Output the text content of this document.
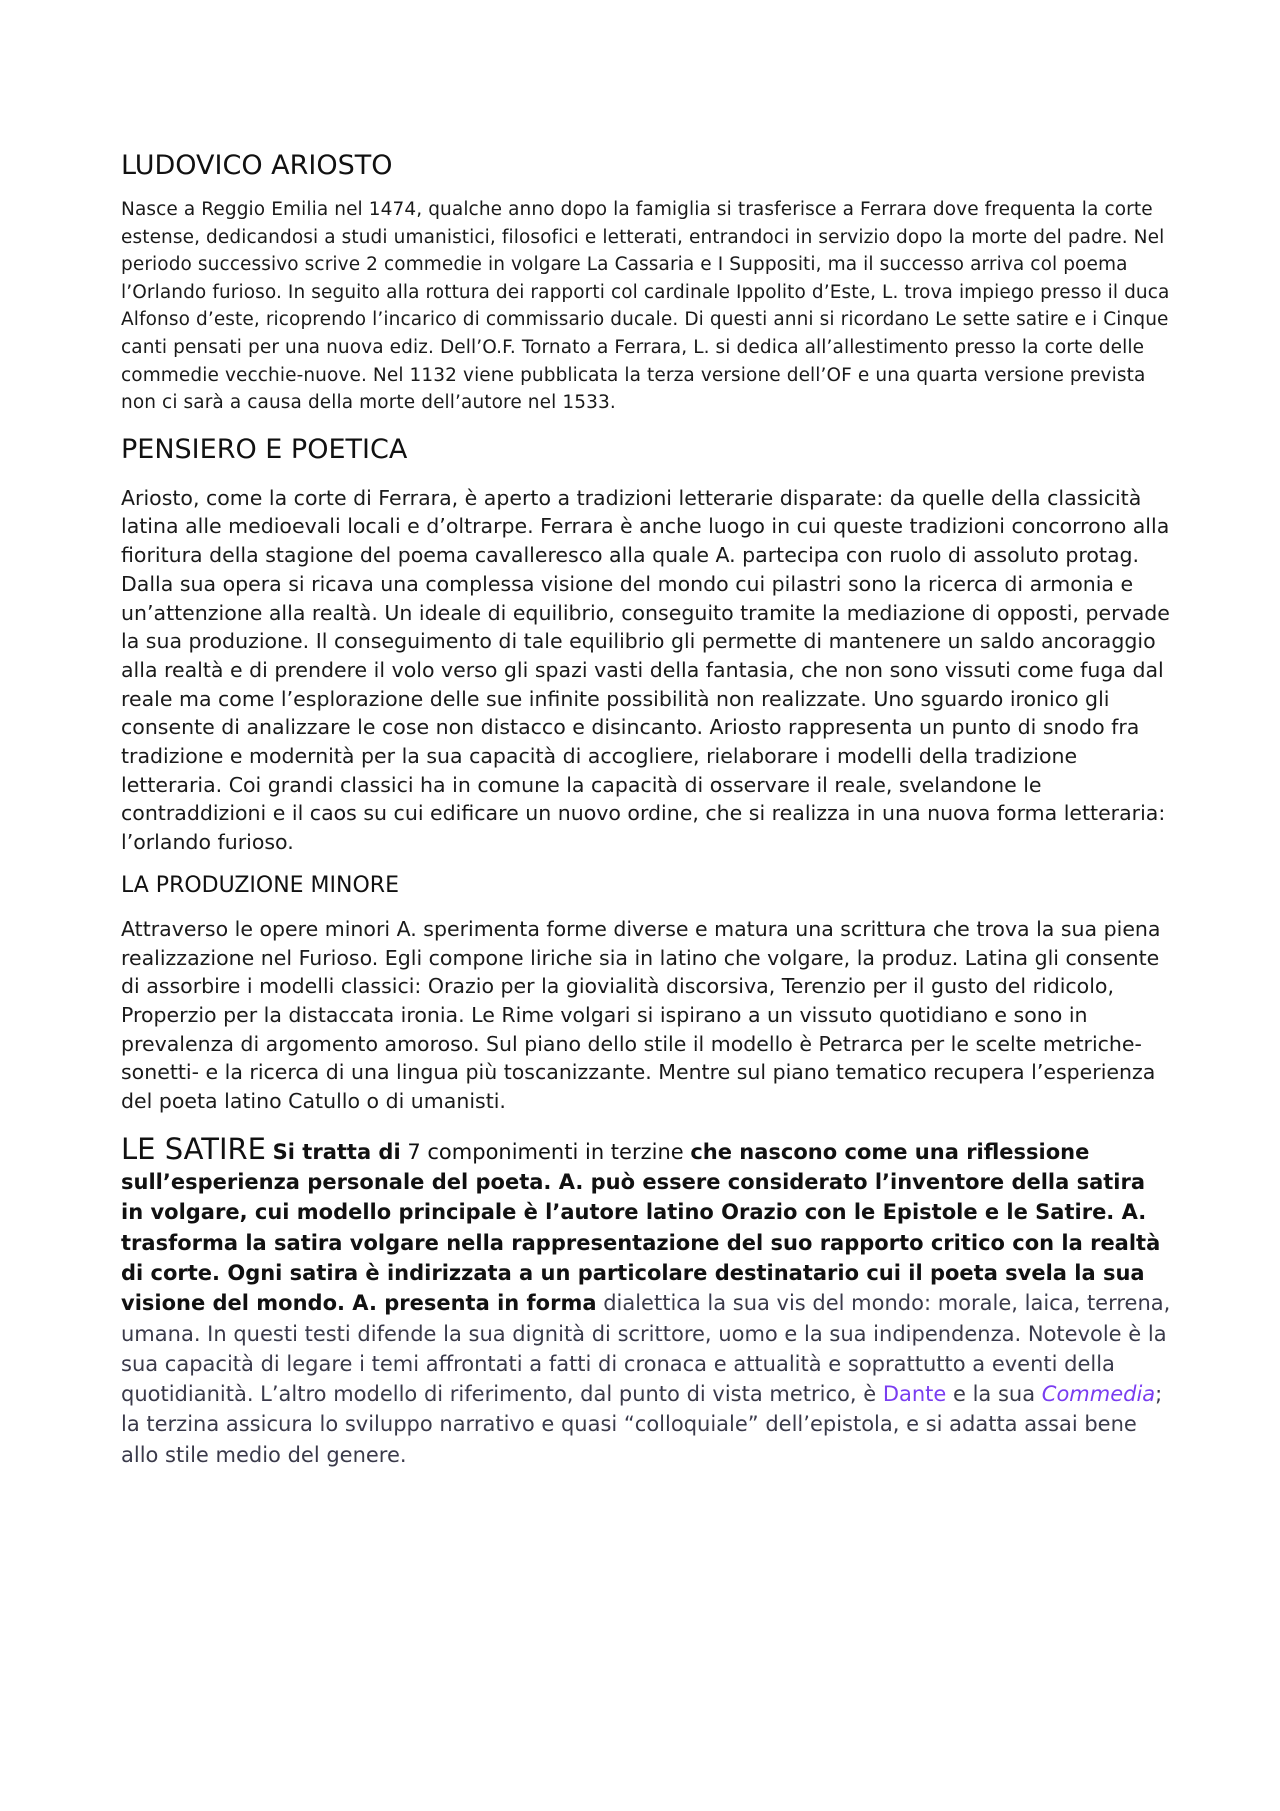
LUDOVICO ARIOSTO

Nasce a Reggio Emilia nel 1474, qualche anno dopo la famiglia si trasferisce a Ferrara dove frequenta la corte estense, dedicandosi a studi umanistici, filosofici e letterati, entrandoci in servizio dopo la morte del padre. Nel periodo successivo scrive 2 commedie in volgare La Cassaria e I Suppositi, ma il successo arriva col poema l’Orlando furioso. In seguito alla rottura dei rapporti col cardinale Ippolito d’Este, L. trova impiego presso il duca Alfonso d’este, ricoprendo l’incarico di commissario ducale. Di questi anni si ricordano Le sette satire e i Cinque canti pensati per una nuova ediz. Dell’O.F. Tornato a Ferrara, L. si dedica all’allestimento presso la corte delle commedie vecchie-nuove. Nel 1132 viene pubblicata la terza versione dell’OF e una quarta versione prevista non ci sarà a causa della morte dell’autore nel 1533.

PENSIERO E POETICA

Ariosto, come la corte di Ferrara, è aperto a tradizioni letterarie disparate: da quelle della classicità latina alle medioevali locali e d’oltrarpe. Ferrara è anche luogo in cui queste tradizioni concorrono alla fioritura della stagione del poema cavalleresco alla quale A. partecipa con ruolo di assoluto protag. Dalla sua opera si ricava una complessa visione del mondo cui pilastri sono la ricerca di armonia e un’attenzione alla realtà. Un ideale di equilibrio, conseguito tramite la mediazione di opposti, pervade la sua produzione. Il conseguimento di tale equilibrio gli permette di mantenere un saldo ancoraggio alla realtà e di prendere il volo verso gli spazi vasti della fantasia, che non sono vissuti come fuga dal reale ma come l’esplorazione delle sue infinite possibilità non realizzate. Uno sguardo ironico gli consente di analizzare le cose non distacco e disincanto. Ariosto rappresenta un punto di snodo fra tradizione e modernità per la sua capacità di accogliere, rielaborare i modelli della tradizione letteraria. Coi grandi classici ha in comune la capacità di osservare il reale, svelandone le contraddizioni e il caos su cui edificare un nuovo ordine, che si realizza in una nuova forma letteraria: l’orlando furioso.

LA PRODUZIONE MINORE

Attraverso le opere minori A. sperimenta forme diverse e matura una scrittura che trova la sua piena realizzazione nel Furioso. Egli compone liriche sia in latino che volgare, la produz. Latina gli consente di assorbire i modelli classici: Orazio per la giovialità discorsiva, Terenzio per il gusto del ridicolo, Properzio per la distaccata ironia. Le Rime volgari si ispirano a un vissuto quotidiano e sono in prevalenza di argomento amoroso. Sul piano dello stile il modello è Petrarca per le scelte metriche- sonetti- e la ricerca di una lingua più toscanizzante. Mentre sul piano tematico recupera l’esperienza del poeta latino Catullo o di umanisti.

LE SATIRE Si tratta di 7 componimenti in terzine che nascono come una riflessione sull’esperienza personale del poeta. A. può essere considerato l’inventore della satira in volgare, cui modello principale è l’autore latino Orazio con le Epistole e le Satire. A. trasforma la satira volgare nella rappresentazione del suo rapporto critico con la realtà di corte. Ogni satira è indirizzata a un particolare destinatario cui il poeta svela la sua visione del mondo. A. presenta in forma dialettica la sua vis del mondo: morale, laica, terrena, umana. In questi testi difende la sua dignità di scrittore, uomo e la sua indipendenza. Notevole è la sua capacità di legare i temi affrontati a fatti di cronaca e attualità e soprattutto a eventi della quotidianità. L’altro modello di riferimento, dal punto di vista metrico, è Dante e la sua Commedia; la terzina assicura lo sviluppo narrativo e quasi “colloquiale” dell’epistola, e si adatta assai bene allo stile medio del genere.
